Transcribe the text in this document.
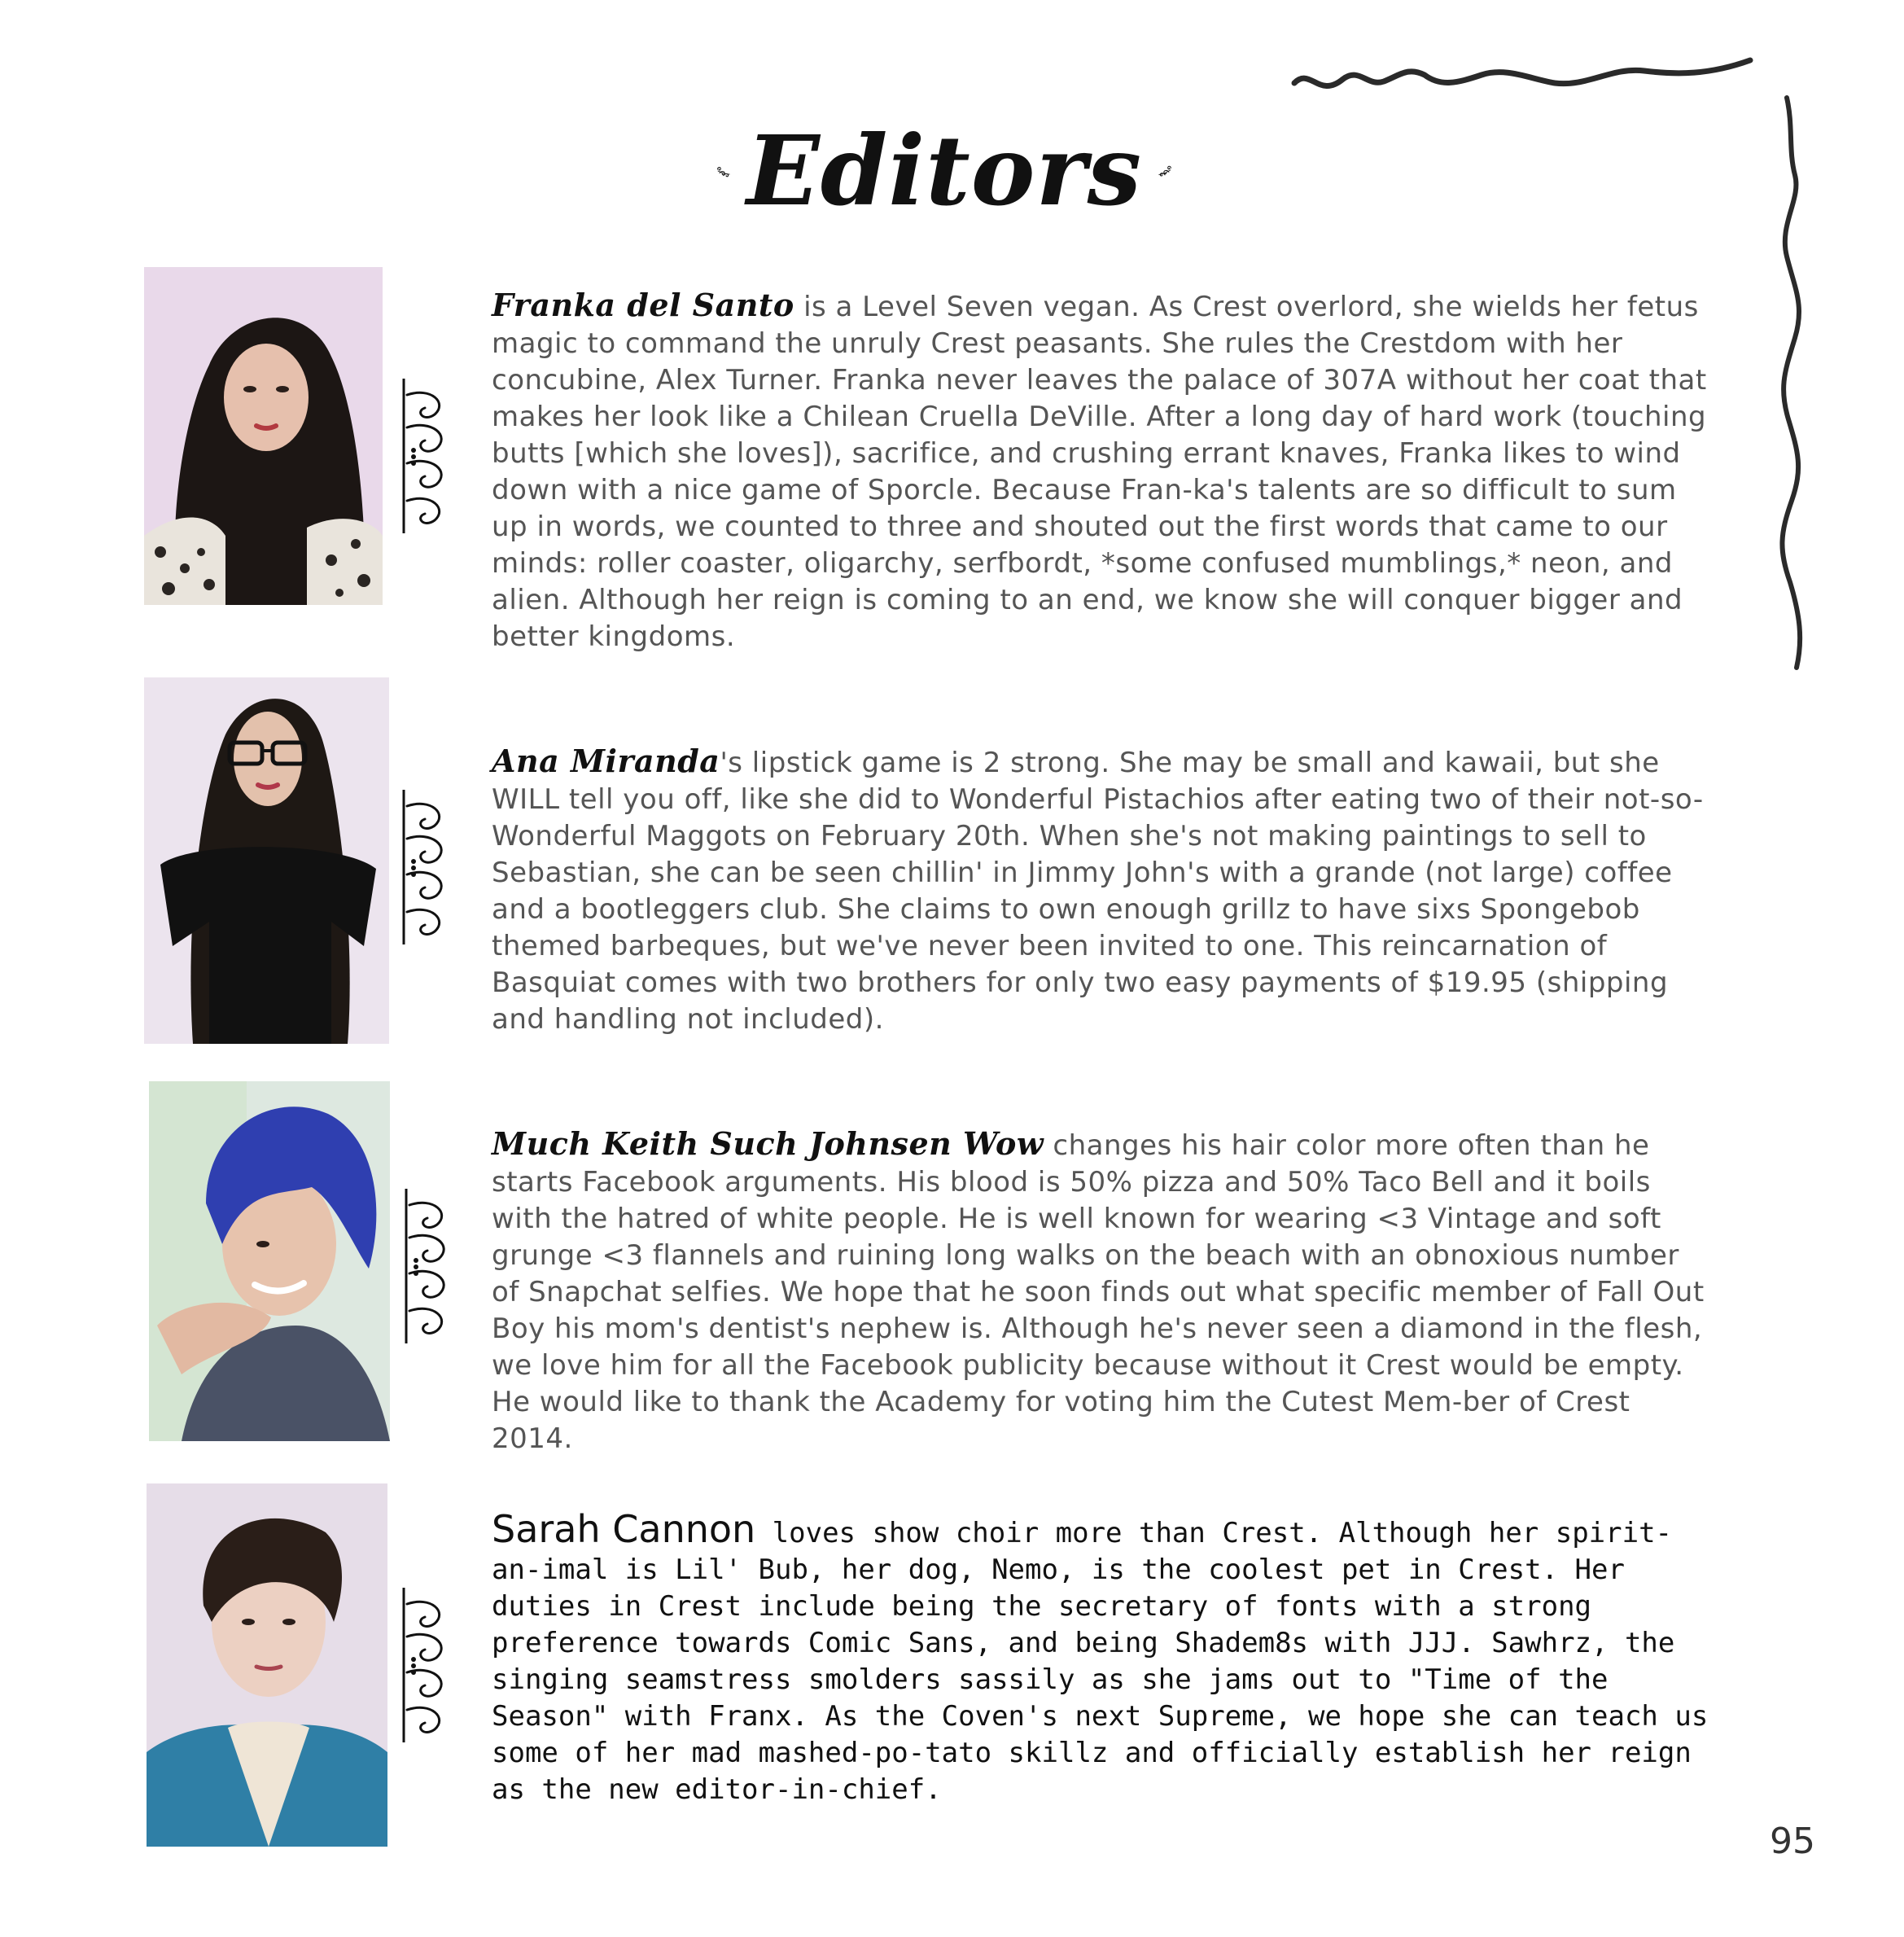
Editors

Franka del Santo is a Level Seven vegan. As Crest overlord, she wields her fetus magic to command the unruly Crest peasants. She rules the Crestdom with her concubine, Alex Turner. Franka never leaves the palace of 307A without her coat that makes her look like a Chilean Cruella DeVille. After a long day of hard work (touching butts [which she loves]), sacrifice, and crushing errant knaves, Franka likes to wind down with a nice game of Sporcle. Because Fran-ka's talents are so difficult to sum up in words, we counted to three and shouted out the first words that came to our minds: roller coaster, oligarchy, serfbordt, *some confused mumblings,* neon, and alien. Although her reign is coming to an end, we know she will conquer bigger and better kingdoms.

Ana Miranda's lipstick game is 2 strong. She may be small and kawaii, but she WILL tell you off, like she did to Wonderful Pistachios after eating two of their not-so-Wonderful Maggots on February 20th. When she's not making paintings to sell to Sebastian, she can be seen chillin' in Jimmy John's with a grande (not large) coffee and a bootleggers club. She claims to own enough grillz to have sixs Spongebob themed barbeques, but we've never been invited to one. This reincarnation of Basquiat comes with two brothers for only two easy payments of $19.95 (shipping and handling not included).

Much Keith Such Johnsen Wow changes his hair color more often than he starts Facebook arguments. His blood is 50% pizza and 50% Taco Bell and it boils with the hatred of white people. He is well known for wearing <3 Vintage and soft grunge <3 flannels and ruining long walks on the beach with an obnoxious number of Snapchat selfies. We hope that he soon finds out what specific member of Fall Out Boy his mom's dentist's nephew is. Although he's never seen a diamond in the flesh, we love him for all the Facebook publicity because without it Crest would be empty. He would like to thank the Academy for voting him the Cutest Mem-ber of Crest 2014.

Sarah Cannon loves show choir more than Crest. Although her spirit-an-imal is Lil' Bub, her dog, Nemo, is the coolest pet in Crest. Her duties in Crest include being the secretary of fonts with a strong preference towards Comic Sans, and being Shadem8s with JJJ. Sawhrz, the singing seamstress smolders sassily as she jams out to "Time of the Season" with Franx. As the Coven's next Supreme, we hope she can teach us some of her mad mashed-po-tato skillz and officially establish her reign as the new editor-in-chief.

95
